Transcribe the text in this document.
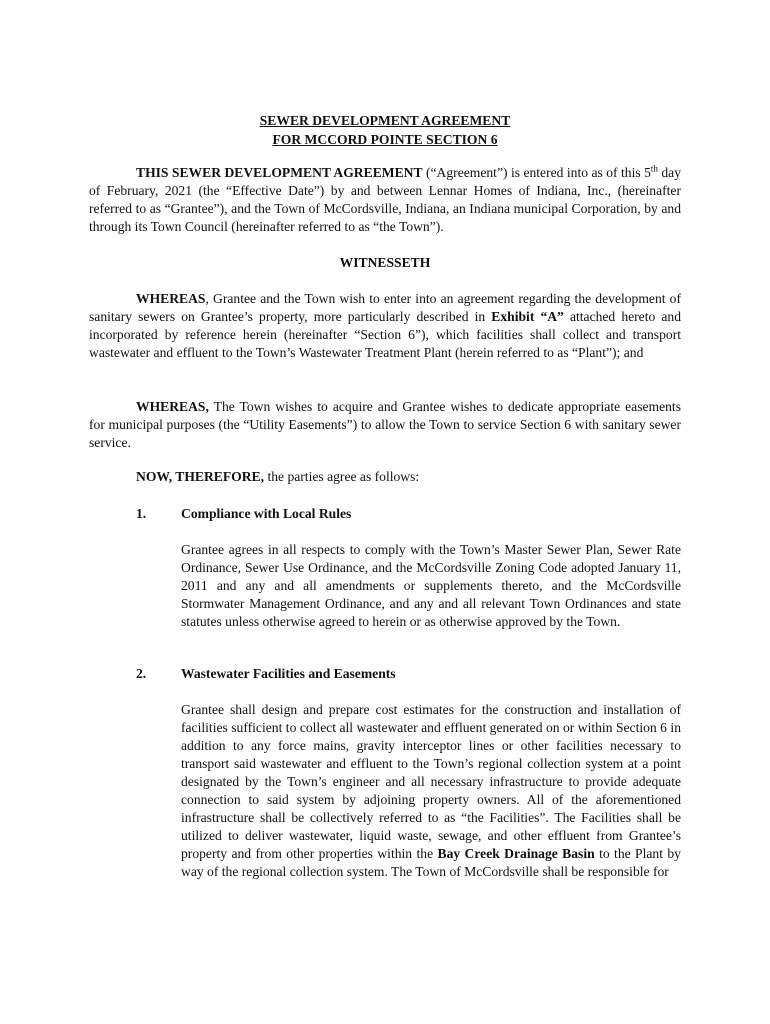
SEWER DEVELOPMENT AGREEMENT
FOR MCCORD POINTE SECTION 6

THIS SEWER DEVELOPMENT AGREEMENT (“Agreement”) is entered into as of this 5th day of February, 2021 (the “Effective Date”) by and between Lennar Homes of Indiana, Inc., (hereinafter referred to as “Grantee”), and the Town of McCordsville, Indiana, an Indiana municipal Corporation, by and through its Town Council (hereinafter referred to as “the Town”).

WITNESSETH

WHEREAS, Grantee and the Town wish to enter into an agreement regarding the development of sanitary sewers on Grantee’s property, more particularly described in Exhibit “A” attached hereto and incorporated by reference herein (hereinafter “Section 6”), which facilities shall collect and transport wastewater and effluent to the Town’s Wastewater Treatment Plant (herein referred to as “Plant”); and

WHEREAS, The Town wishes to acquire and Grantee wishes to dedicate appropriate easements for municipal purposes (the “Utility Easements”) to allow the Town to service Section 6 with sanitary sewer service.

NOW, THEREFORE, the parties agree as follows:
1.	Compliance with Local Rules

Grantee agrees in all respects to comply with the Town’s Master Sewer Plan, Sewer Rate Ordinance, Sewer Use Ordinance, and the McCordsville Zoning Code adopted January 11, 2011 and any and all amendments or supplements thereto, and the McCordsville Stormwater Management Ordinance, and any and all relevant Town Ordinances and state statutes unless otherwise agreed to herein or as otherwise approved by the Town.

2.	Wastewater Facilities and Easements

Grantee shall design and prepare cost estimates for the construction and installation of facilities sufficient to collect all wastewater and effluent generated on or within Section 6 in addition to any force mains, gravity interceptor lines or other facilities necessary to transport said wastewater and effluent to the Town’s regional collection system at a point designated by the Town’s engineer and all necessary infrastructure to provide adequate connection to said system by adjoining property owners. All of the aforementioned infrastructure shall be collectively referred to as “the Facilities”. The Facilities shall be utilized to deliver wastewater, liquid waste, sewage, and other effluent from Grantee’s property and from other properties within the Bay Creek Drainage Basin to the Plant by way of the regional collection system. The Town of McCordsville shall be responsible for
